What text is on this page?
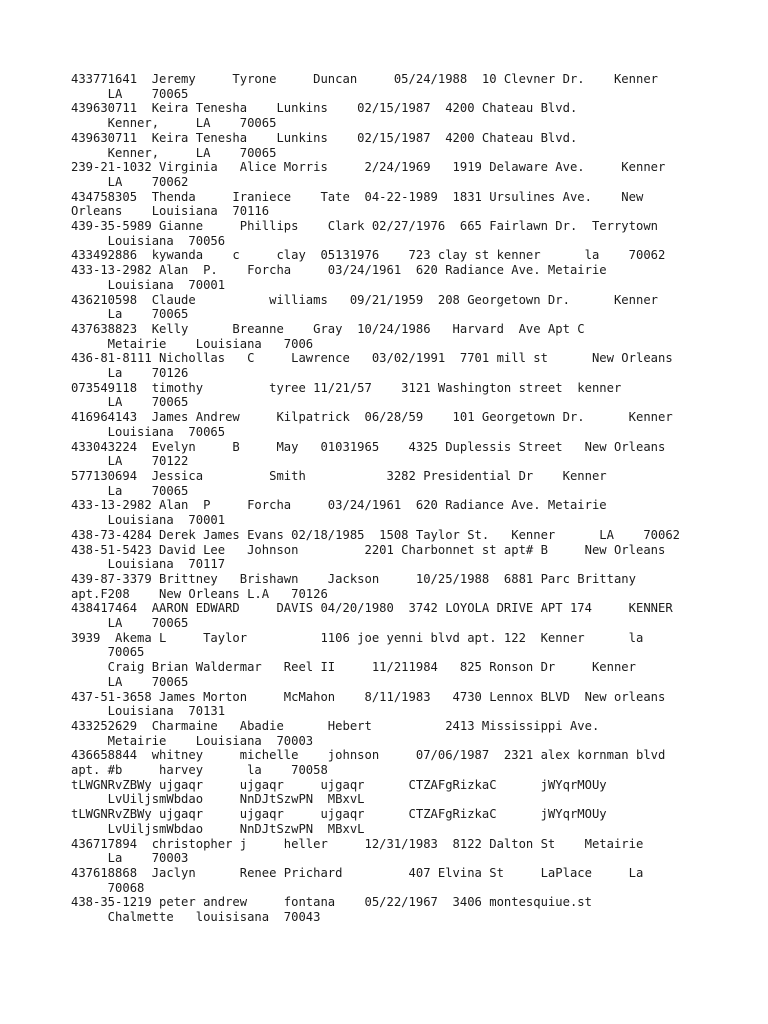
433771641  Jeremy     Tyrone     Duncan     05/24/1988  10 Clevner Dr.    Kenner
LA    70065
439630711  Keira Tenesha    Lunkins    02/15/1987  4200 Chateau Blvd.
Kenner,     LA    70065
439630711  Keira Tenesha    Lunkins    02/15/1987  4200 Chateau Blvd.
Kenner,     LA    70065
239-21-1032 Virginia   Alice Morris     2/24/1969   1919 Delaware Ave.     Kenner
LA    70062
434758305  Thenda     Iraniece    Tate  04-22-1989  1831 Ursulines Ave.    New
Orleans    Louisiana  70116
439-35-5989 Gianne     Phillips    Clark 02/27/1976  665 Fairlawn Dr.  Terrytown
Louisiana  70056
433492886  kywanda    c     clay  05131976    723 clay st kenner      la    70062
433-13-2982 Alan  P.    Forcha     03/24/1961  620 Radiance Ave. Metairie
Louisiana  70001
436210598  Claude          williams   09/21/1959  208 Georgetown Dr.      Kenner
La    70065
437638823  Kelly      Breanne    Gray  10/24/1986   Harvard  Ave Apt C
Metairie    Louisiana   7006
436-81-8111 Nichollas   C     Lawrence   03/02/1991  7701 mill st      New Orleans
La    70126
073549118  timothy         tyree 11/21/57    3121 Washington street  kenner
LA    70065
416964143  James Andrew     Kilpatrick  06/28/59    101 Georgetown Dr.      Kenner
Louisiana  70065
433043224  Evelyn     B     May   01031965    4325 Duplessis Street   New Orleans
LA    70122
577130694  Jessica         Smith           3282 Presidential Dr    Kenner
La    70065
433-13-2982 Alan  P     Forcha     03/24/1961  620 Radiance Ave. Metairie
Louisiana  70001
438-73-4284 Derek James Evans 02/18/1985  1508 Taylor St.   Kenner      LA    70062
438-51-5423 David Lee   Johnson         2201 Charbonnet st apt# B     New Orleans
Louisiana  70117
439-87-3379 Brittney   Brishawn    Jackson     10/25/1988  6881 Parc Brittany
apt.F208    New Orleans L.A   70126
438417464  AARON EDWARD     DAVIS 04/20/1980  3742 LOYOLA DRIVE APT 174     KENNER
LA    70065
3939  Akema L     Taylor          1106 joe yenni blvd apt. 122  Kenner      la
70065
Craig Brian Waldermar   Reel II     11/211984   825 Ronson Dr     Kenner
LA    70065
437-51-3658 James Morton     McMahon    8/11/1983   4730 Lennox BLVD  New orleans
Louisiana  70131
433252629  Charmaine   Abadie      Hebert          2413 Mississippi Ave.
Metairie    Louisiana  70003
436658844  whitney     michelle    johnson     07/06/1987  2321 alex kornman blvd
apt. #b     harvey      la    70058
tLWGNRvZBWy ujgaqr     ujgaqr     ujgaqr      CTZAFgRizkaC      jWYqrMOUy
LvUiljsmWbdao     NnDJtSzwPN  MBxvL
tLWGNRvZBWy ujgaqr     ujgaqr     ujgaqr      CTZAFgRizkaC      jWYqrMOUy
LvUiljsmWbdao     NnDJtSzwPN  MBxvL
436717894  christopher j     heller     12/31/1983  8122 Dalton St    Metairie
La    70003
437618868  Jaclyn      Renee Prichard         407 Elvina St     LaPlace     La
70068
438-35-1219 peter andrew     fontana    05/22/1967  3406 montesquiue.st
Chalmette   louisisana  70043
